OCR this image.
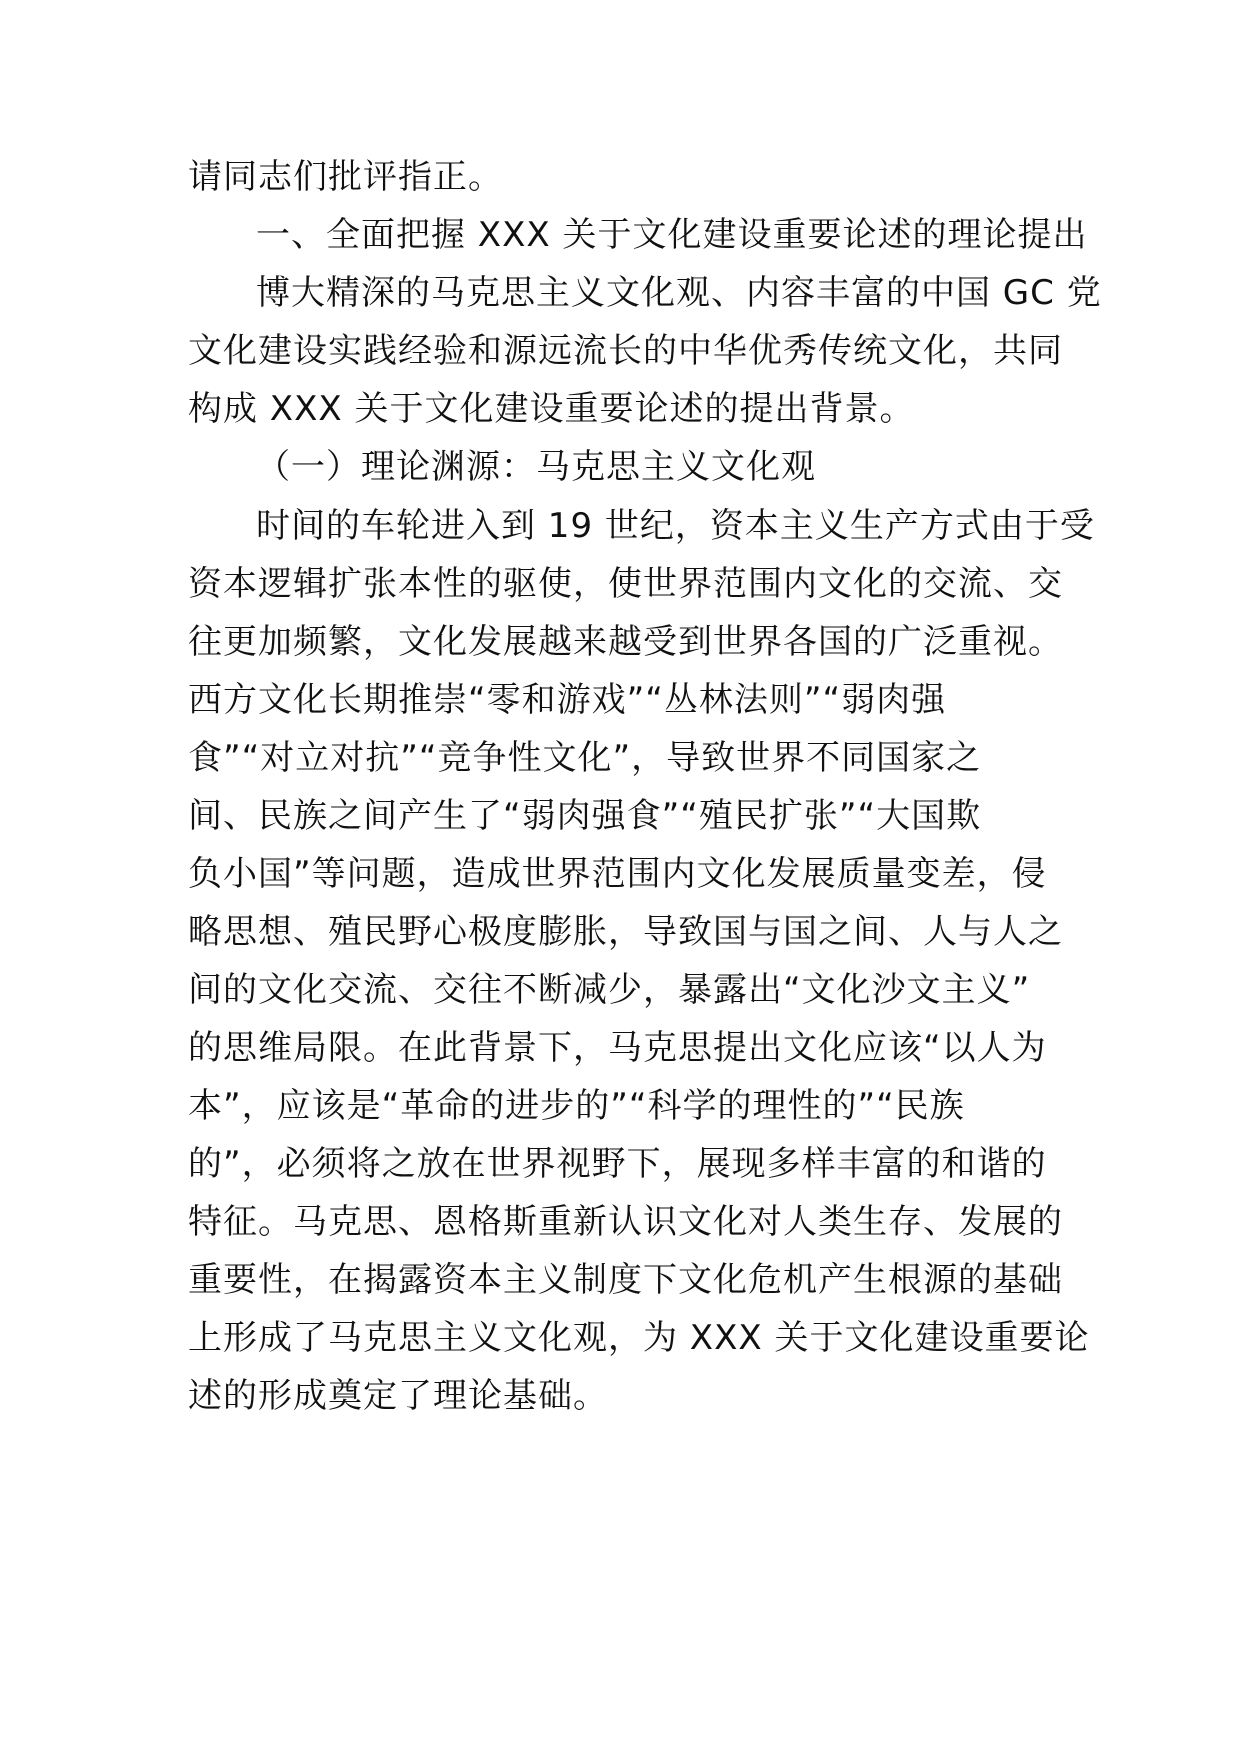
请同志们批评指正。
一、全面把握 XXX 关于文化建设重要论述的理论提出
博大精深的马克思主义文化观、内容丰富的中国 GC 党
文化建设实践经验和源远流长的中华优秀传统文化，共同
构成 XXX 关于文化建设重要论述的提出背景。
（一）理论渊源：马克思主义文化观
时间的车轮进入到 19 世纪，资本主义生产方式由于受
资本逻辑扩张本性的驱使，使世界范围内文化的交流、交
往更加频繁，文化发展越来越受到世界各国的广泛重视。
西方文化长期推崇“零和游戏”“丛林法则”“弱肉强
食”“对立对抗”“竞争性文化”，导致世界不同国家之
间、民族之间产生了“弱肉强食”“殖民扩张”“大国欺
负小国”等问题，造成世界范围内文化发展质量变差，侵
略思想、殖民野心极度膨胀，导致国与国之间、人与人之
间的文化交流、交往不断减少，暴露出“文化沙文主义”
的思维局限。在此背景下，马克思提出文化应该“以人为
本”，应该是“革命的进步的”“科学的理性的”“民族
的”，必须将之放在世界视野下，展现多样丰富的和谐的
特征。马克思、恩格斯重新认识文化对人类生存、发展的
重要性，在揭露资本主义制度下文化危机产生根源的基础
上形成了马克思主义文化观，为 XXX 关于文化建设重要论
述的形成奠定了理论基础。
